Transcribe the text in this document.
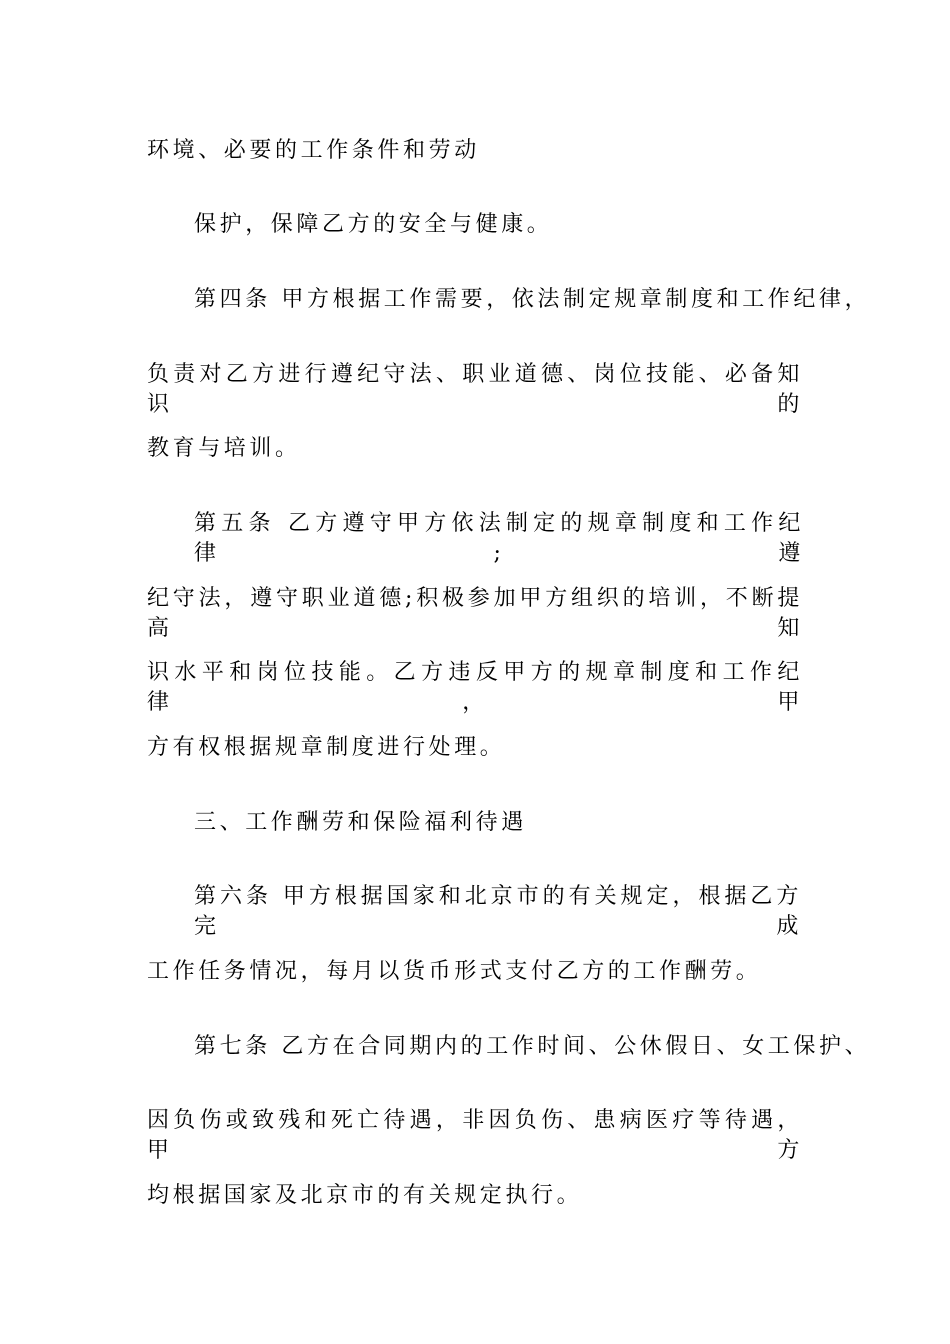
环境、必要的工作条件和劳动
保护，保障乙方的安全与健康。
第四条 甲方根据工作需要，依法制定规章制度和工作纪律，
负责对乙方进行遵纪守法、职业道德、岗位技能、必备知识的
教育与培训。
第五条 乙方遵守甲方依法制定的规章制度和工作纪律;遵
纪守法，遵守职业道德;积极参加甲方组织的培训，不断提高知
识水平和岗位技能。乙方违反甲方的规章制度和工作纪律，甲
方有权根据规章制度进行处理。
三、工作酬劳和保险福利待遇
第六条 甲方根据国家和北京市的有关规定，根据乙方完成
工作任务情况，每月以货币形式支付乙方的工作酬劳。
第七条 乙方在合同期内的工作时间、公休假日、女工保护、
因负伤或致残和死亡待遇，非因负伤、患病医疗等待遇，甲方
均根据国家及北京市的有关规定执行。
